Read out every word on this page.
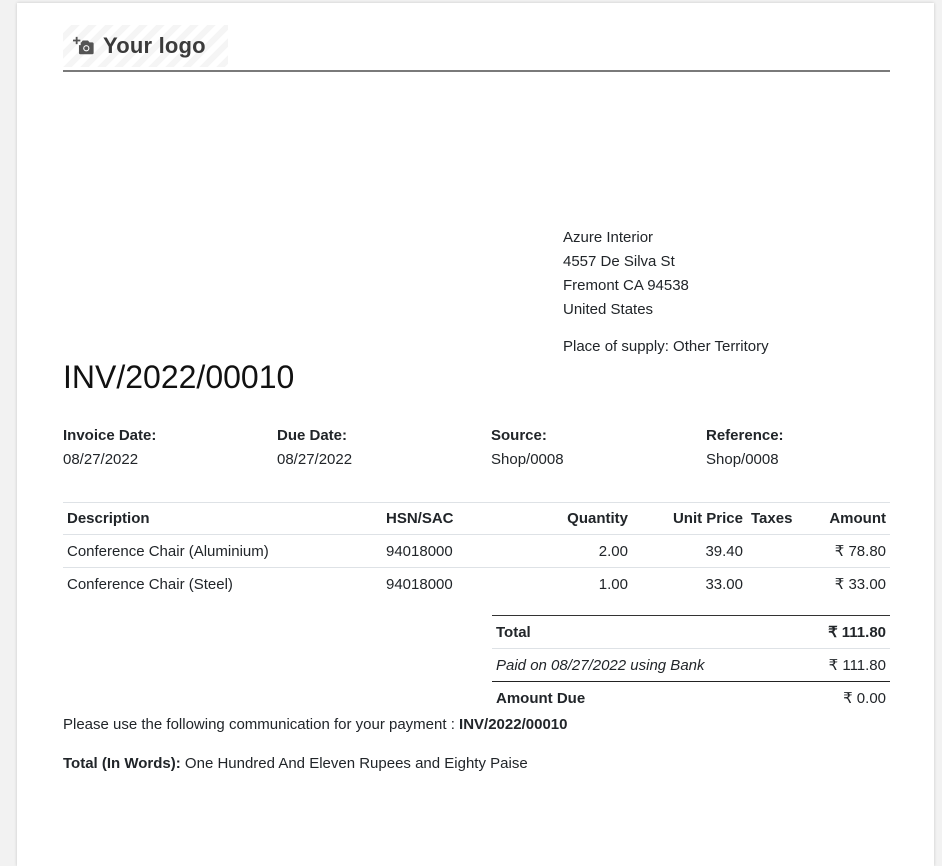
Your logo
Azure Interior
4557 De Silva St
Fremont CA 94538
United States
Place of supply: Other Territory
INV/2022/00010
Invoice Date:
08/27/2022
Due Date:
08/27/2022
Source:
Shop/0008
Reference:
Shop/0008
Description	HSN/SAC	Quantity	Unit Price	Taxes	Amount
Conference Chair (Aluminium)	94018000	2.00	39.40		₹ 78.80
Conference Chair (Steel)	94018000	1.00	33.00		₹ 33.00
Total	₹ 111.80
Paid on 08/27/2022 using Bank	₹ 111.80
Amount Due	₹ 0.00
Please use the following communication for your payment : INV/2022/00010
Total (In Words): One Hundred And Eleven Rupees and Eighty Paise
